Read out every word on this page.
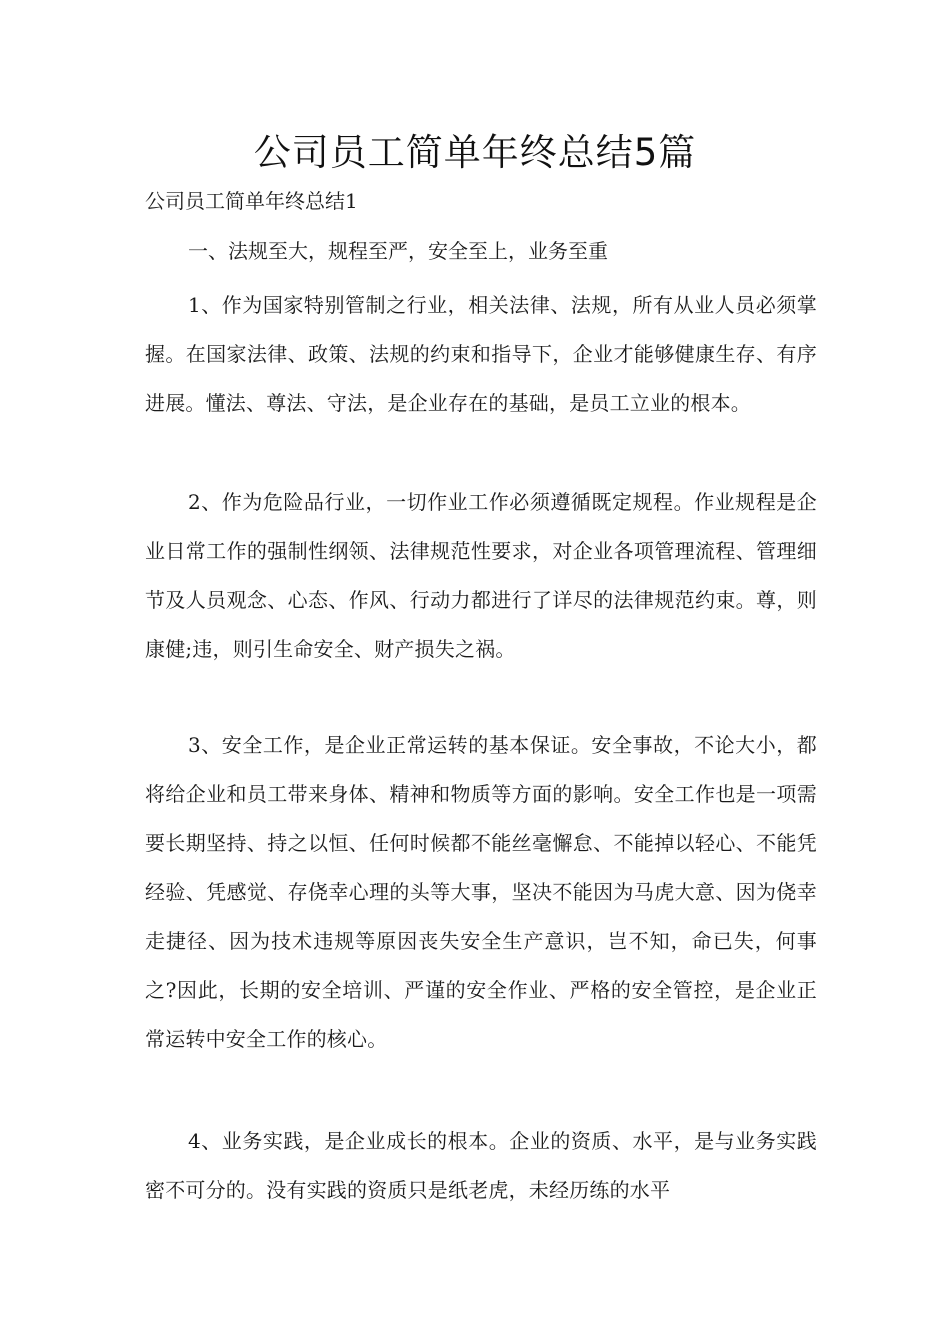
公司员工简单年终总结5篇

公司员工简单年终总结1

一、法规至大，规程至严，安全至上，业务至重

1、作为国家特别管制之行业，相关法律、法规，所有从业人员必须掌握。在国家法律、政策、法规的约束和指导下，企业才能够健康生存、有序进展。懂法、尊法、守法，是企业存在的基础，是员工立业的根本。

2、作为危险品行业，一切作业工作必须遵循既定规程。作业规程是企业日常工作的强制性纲领、法律规范性要求，对企业各项管理流程、管理细节及人员观念、心态、作风、行动力都进行了详尽的法律规范约束。尊，则康健;违，则引生命安全、财产损失之祸。

3、安全工作，是企业正常运转的基本保证。安全事故，不论大小，都将给企业和员工带来身体、精神和物质等方面的影响。安全工作也是一项需要长期坚持、持之以恒、任何时候都不能丝毫懈怠、不能掉以轻心、不能凭经验、凭感觉、存侥幸心理的头等大事，坚决不能因为马虎大意、因为侥幸走捷径、因为技术违规等原因丧失安全生产意识，岂不知，命已失，何事之?因此，长期的安全培训、严谨的安全作业、严格的安全管控，是企业正常运转中安全工作的核心。

4、业务实践，是企业成长的根本。企业的资质、水平，是与业务实践密不可分的。没有实践的资质只是纸老虎，未经历练的水平
